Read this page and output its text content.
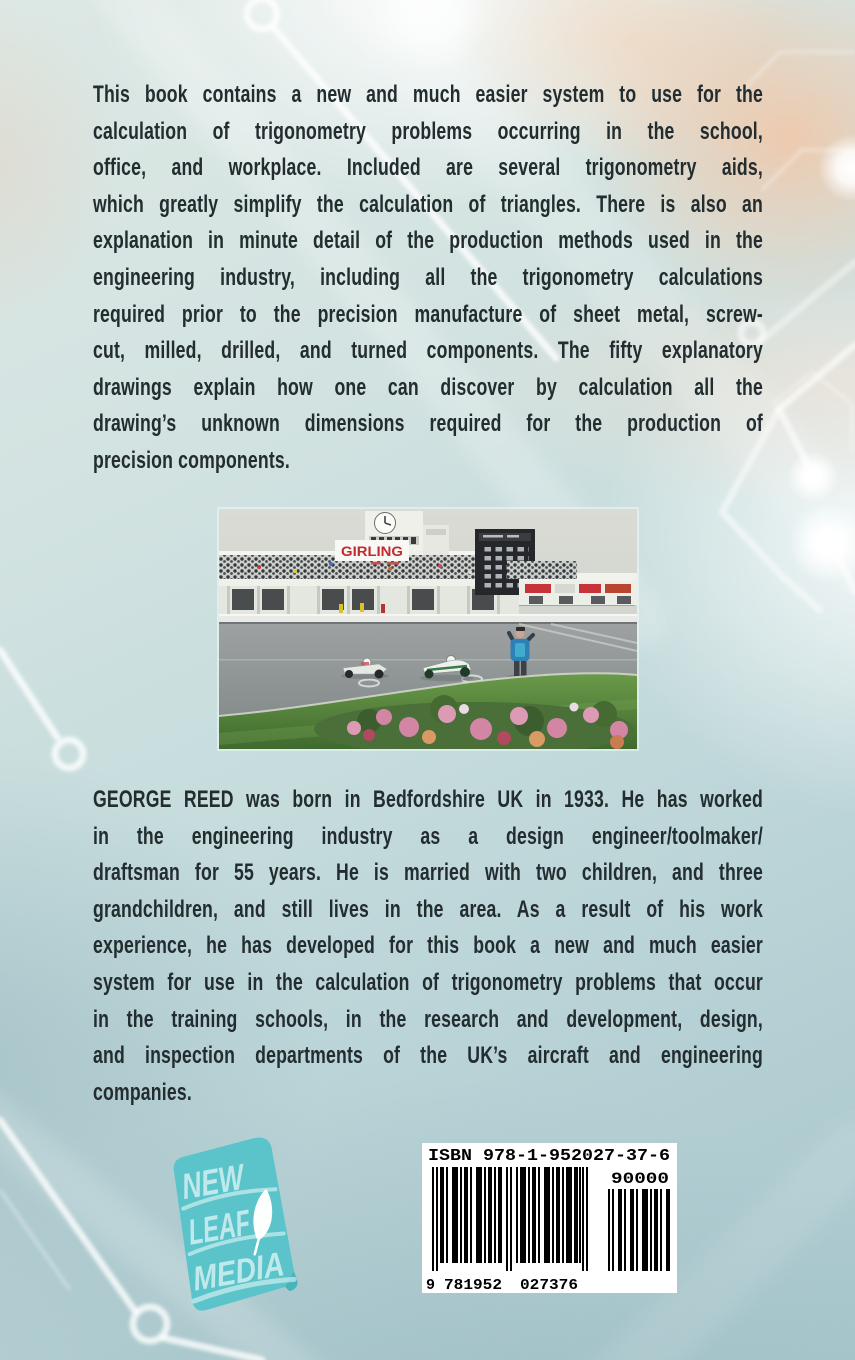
This book contains a new and much easier system to use for the
calculation of trigonometry problems occurring in the school,
office, and workplace. Included are several trigonometry aids,
which greatly simplify the calculation of triangles. There is also an
explanation in minute detail of the production methods used in the
engineering industry, including all the trigonometry calculations
required prior to the precision manufacture of sheet metal, screw-
cut, milled, drilled, and turned components. The fifty explanatory
drawings explain how one can discover by calculation all the
drawing’s unknown dimensions required for the production of
precision components.
GIRLING
GEORGE REED was born in Bedfordshire UK in 1933. He has worked
in the engineering industry as a design engineer/toolmaker/
draftsman for 55 years. He is married with two children, and three
grandchildren, and still lives in the area. As a result of his work
experience, he has developed for this book a new and much easier
system for use in the calculation of trigonometry problems that occur
in the training schools, in the research and development, design,
and inspection departments of the UK’s aircraft and engineering
companies.
NEW
LEAF
MEDIA
ISBN 978-1-952027-37-6
9 781952 027376
90000
